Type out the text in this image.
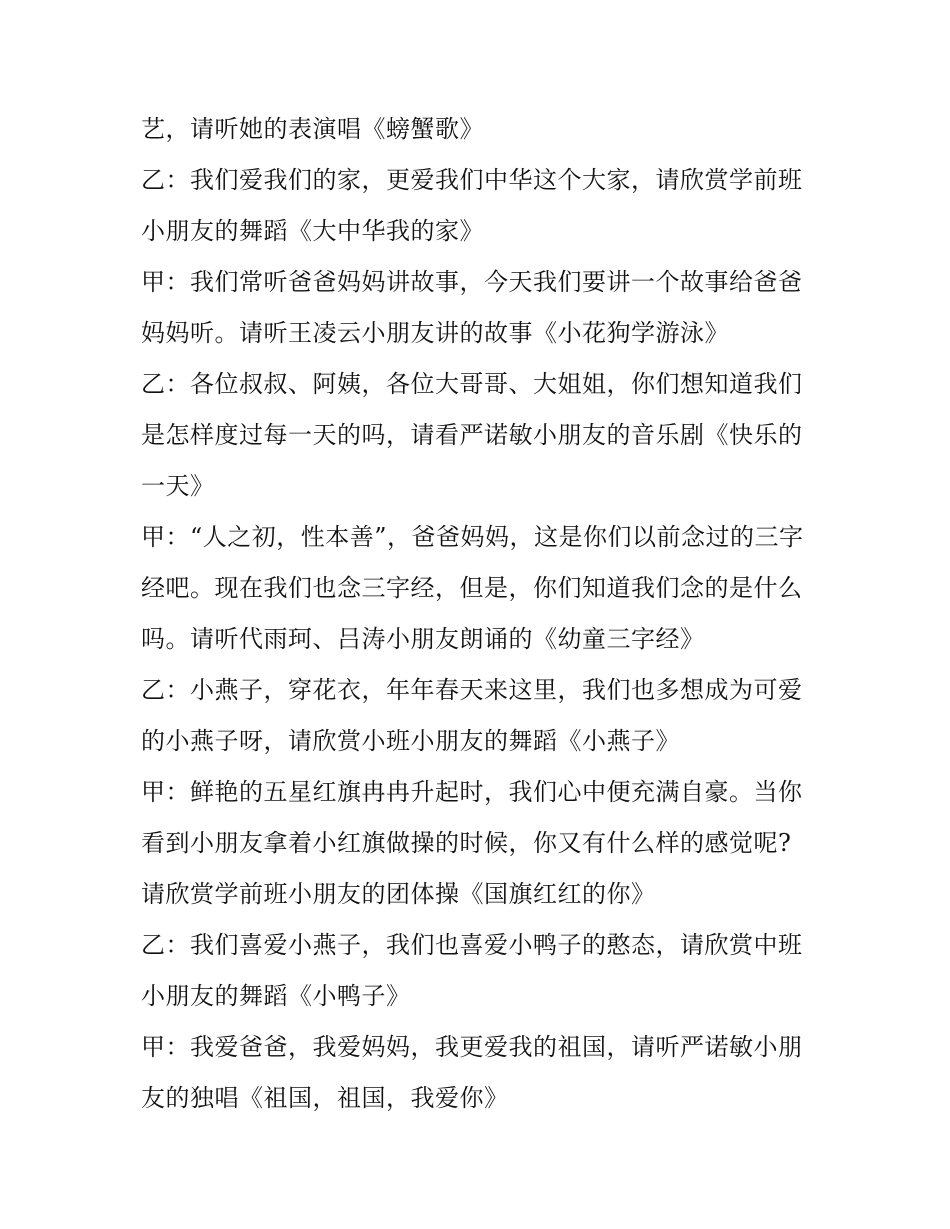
艺，请听她的表演唱《螃蟹歌》
乙：我们爱我们的家，更爱我们中华这个大家，请欣赏学前班
小朋友的舞蹈《大中华我的家》
甲：我们常听爸爸妈妈讲故事，今天我们要讲一个故事给爸爸
妈妈听。请听王凌云小朋友讲的故事《小花狗学游泳》
乙：各位叔叔、阿姨，各位大哥哥、大姐姐，你们想知道我们
是怎样度过每一天的吗，请看严诺敏小朋友的音乐剧《快乐的
一天》
甲：“人之初，性本善”，爸爸妈妈，这是你们以前念过的三字
经吧。现在我们也念三字经，但是，你们知道我们念的是什么
吗。请听代雨珂、吕涛小朋友朗诵的《幼童三字经》
乙：小燕子，穿花衣，年年春天来这里，我们也多想成为可爱
的小燕子呀，请欣赏小班小朋友的舞蹈《小燕子》
甲：鲜艳的五星红旗冉冉升起时，我们心中便充满自豪。当你
看到小朋友拿着小红旗做操的时候，你又有什么样的感觉呢?
请欣赏学前班小朋友的团体操《国旗红红的你》
乙：我们喜爱小燕子，我们也喜爱小鸭子的憨态，请欣赏中班
小朋友的舞蹈《小鸭子》
甲：我爱爸爸，我爱妈妈，我更爱我的祖国，请听严诺敏小朋
友的独唱《祖国，祖国，我爱你》
